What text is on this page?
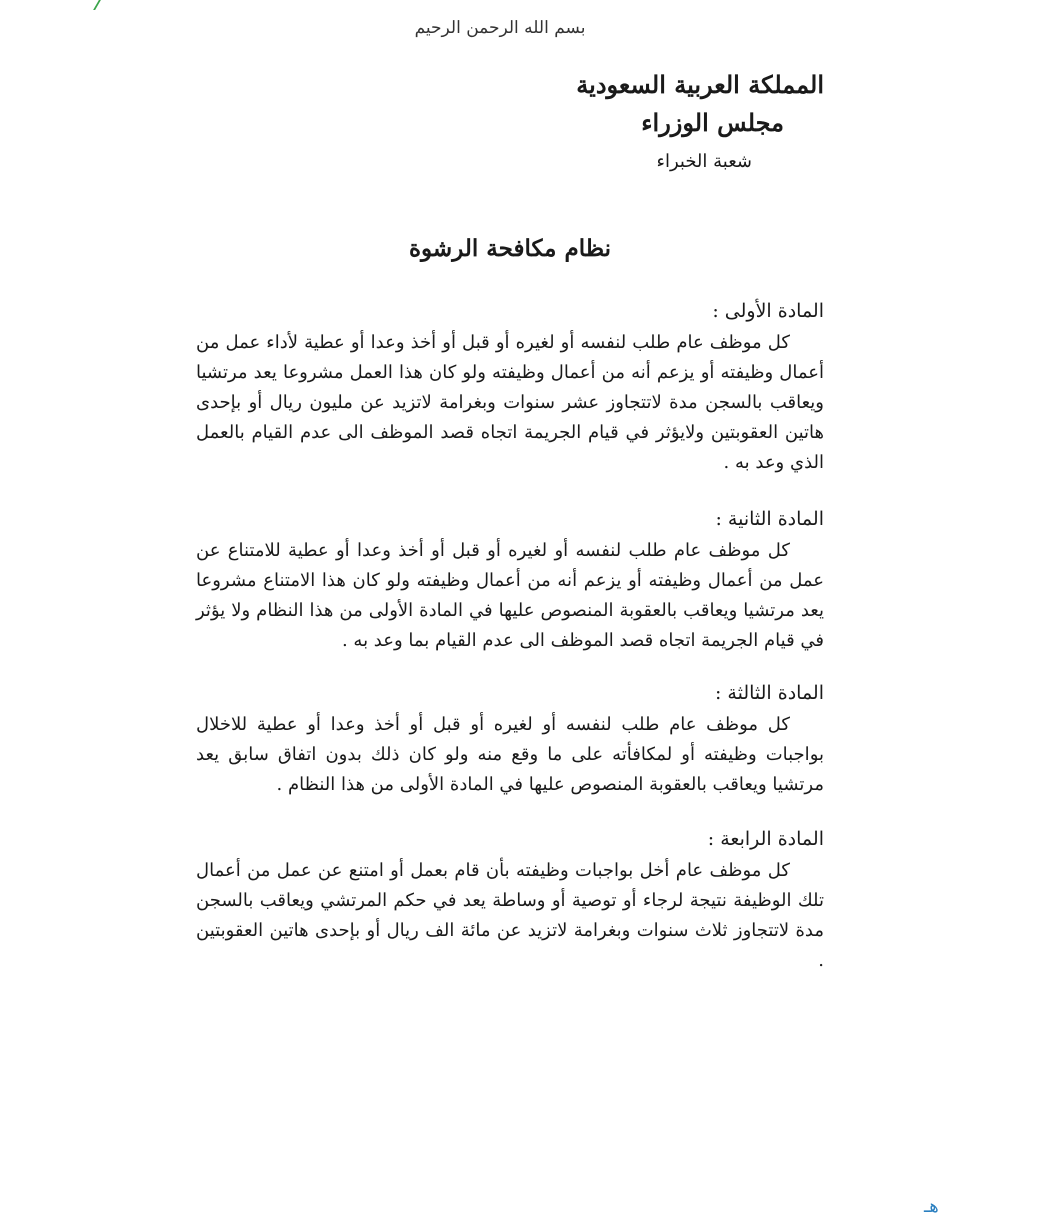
بسم الله الرحمن الرحيم

المملكة العربية السعودية

مجلس الوزراء

شعبة الخبراء

نظام مكافحة الرشوة

المادة الأولى :

كل موظف عام طلب لنفسه أو لغيره أو قبل أو أخذ وعدا أو عطية لأداء عمل من أعمال وظيفته أو يزعم أنه من أعمال وظيفته ولو كان هذا العمل مشروعا يعد مرتشيا ويعاقب بالسجن مدة لاتتجاوز عشر سنوات وبغرامة لاتزيد عن مليون ريال أو بإحدى هاتين العقوبتين ولايؤثر في قيام الجريمة اتجاه قصد الموظف الى عدم القيام بالعمل الذي وعد به .

المادة الثانية :

كل موظف عام طلب لنفسه أو لغيره أو قبل أو أخذ وعدا أو عطية للامتناع عن عمل من أعمال وظيفته أو يزعم أنه من أعمال وظيفته ولو كان هذا الامتناع مشروعا يعد مرتشيا ويعاقب بالعقوبة المنصوص عليها في المادة الأولى من هذا النظام ولا يؤثر في قيام الجريمة اتجاه قصد الموظف الى عدم القيام بما وعد به .

المادة الثالثة :

كل موظف عام طلب لنفسه أو لغيره أو قبل أو أخذ وعدا أو عطية للاخلال بواجبات وظيفته أو لمكافأته على ما وقع منه ولو كان ذلك بدون اتفاق سابق يعد مرتشيا ويعاقب بالعقوبة المنصوص عليها في المادة الأولى من هذا النظام .

المادة الرابعة :

كل موظف عام أخل بواجبات وظيفته بأن قام بعمل أو امتنع عن عمل من أعمال تلك الوظيفة نتيجة لرجاء أو توصية أو وساطة يعد في حكم المرتشي ويعاقب بالسجن مدة لاتتجاوز ثلاث سنوات وبغرامة لاتزيد عن مائة الف ريال أو بإحدى هاتين العقوبتين .

هـ
